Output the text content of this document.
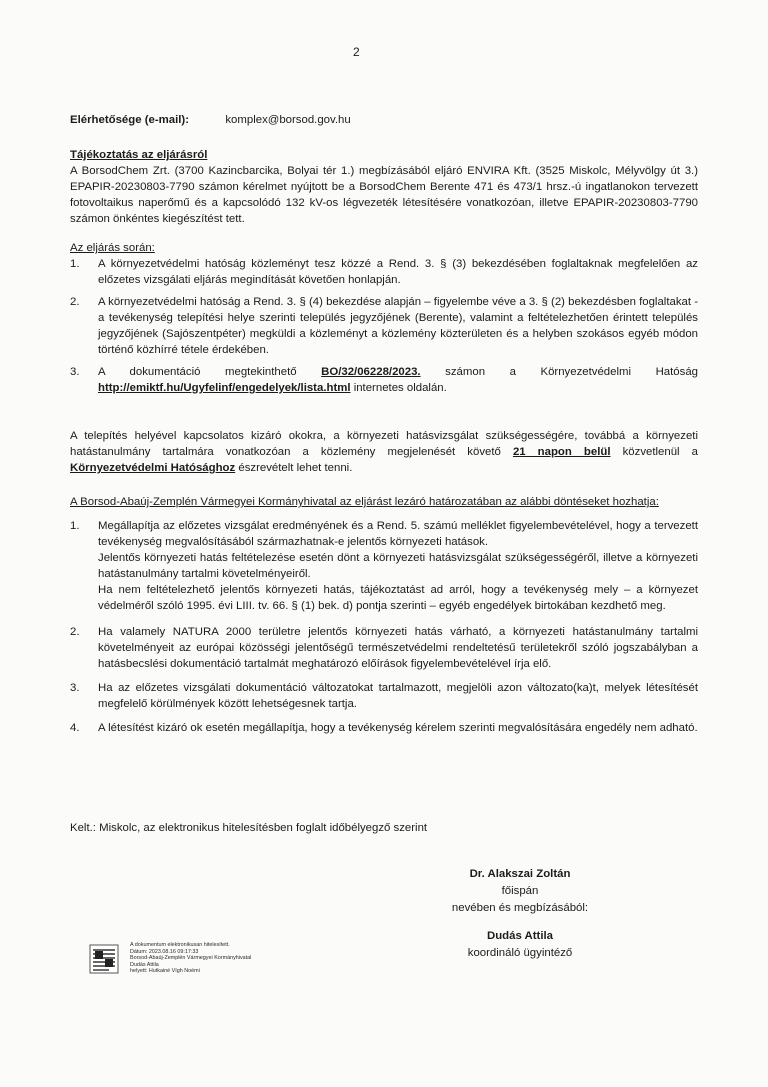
2
Elérhetősége (e-mail):	komplex@borsod.gov.hu

Tájékoztatás az eljárásról

A BorsodChem Zrt. (3700 Kazincbarcika, Bolyai tér 1.) megbízásából eljáró ENVIRA Kft. (3525 Miskolc, Mélyvölgy út 3.) EPAPIR-20230803-7790 számon kérelmet nyújtott be a BorsodChem Berente 471 és 473/1 hrsz.-ú ingatlanokon tervezett fotovoltaikus naperőmű és a kapcsolódó 132 kV-os légvezeték létesítésére vonatkozóan, illetve EPAPIR-20230803-7790 számon önkéntes kiegészítést tett.

Az eljárás során:

1. A környezetvédelmi hatóság közleményt tesz közzé a Rend. 3. § (3) bekezdésében foglaltaknak megfelelően az előzetes vizsgálati eljárás megindítását követően honlapján.
2. A környezetvédelmi hatóság a Rend. 3. § (4) bekezdése alapján – figyelembe véve a 3. § (2) bekezdésben foglaltakat - a tevékenység telepítési helye szerinti település jegyzőjének (Berente), valamint a feltételezhetően érintett település jegyzőjének (Sajószentpéter) megküldi a közleményt a közlemény közterületen és a helyben szokásos egyéb módon történő közhírré tétele érdekében.
3. A dokumentáció megtekinthető BO/32/06228/2023. számon a Környezetvédelmi Hatóság http://emiktf.hu/Ugyfelinf/engedelyek/lista.html internetes oldalán.

A telepítés helyével kapcsolatos kizáró okokra, a környezeti hatásvizsgálat szükségességére, továbbá a környezeti hatástanulmány tartalmára vonatkozóan a közlemény megjelenését követő 21 napon belül közvetlenül a Környezetvédelmi Hatósághoz észrevételt lehet tenni.

A Borsod-Abaúj-Zemplén Vármegyei Kormányhivatal az eljárást lezáró határozatában az alábbi döntéseket hozhatja:

1. Megállapítja az előzetes vizsgálat eredményének és a Rend. 5. számú melléklet figyelembevételével, hogy a tervezett tevékenység megvalósításából származhatnak-e jelentős környezeti hatások.

Jelentős környezeti hatás feltételezése esetén dönt a környezeti hatásvizsgálat szükségességéről, illetve a környezeti hatástanulmány tartalmi követelményeiről.

Ha nem feltételezhető jelentős környezeti hatás, tájékoztatást ad arról, hogy a tevékenység mely – a környezet védelméről szóló 1995. évi LIII. tv. 66. § (1) bek. d) pontja szerinti – egyéb engedélyek birtokában kezdhető meg.

2. Ha valamely NATURA 2000 területre jelentős környezeti hatás várható, a környezeti hatástanulmány tartalmi követelményeit az európai közösségi jelentőségű természetvédelmi rendeltetésű területekről szóló jogszabályban a hatásbecslési dokumentáció tartalmát meghatározó előírások figyelembevételével írja elő.
3. Ha az előzetes vizsgálati dokumentáció változatokat tartalmazott, megjelöli azon változato(ka)t, melyek létesítését megfelelő körülmények között lehetségesnek tartja.
4. A létesítést kizáró ok esetén megállapítja, hogy a tevékenység kérelem szerinti megvalósítására engedély nem adható.
Kelt.: Miskolc, az elektronikus hitelesítésben foglalt időbélyegző szerint
Dr. Alakszai Zoltán
főispán
nevében és megbízásából:
Dudás Attila
koordináló ügyintéző
A dokumentum elektronikusan hitelesített.
Dátum: 2023.08.16 09:17:33
Borsod-Abaúj-Zemplén Vármegyei Kormányhivatal
Dudás Attila
helyett: Hutkainé Vígh Noémi
